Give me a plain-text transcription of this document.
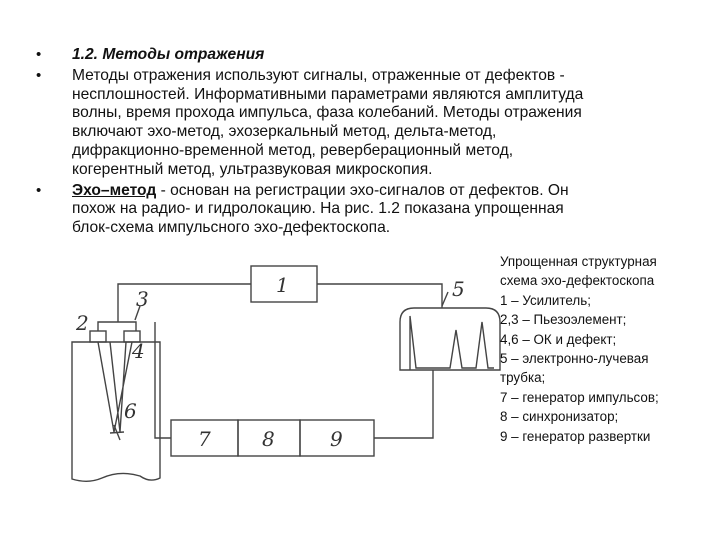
• 1.2. Методы отражения
• Методы отражения используют сигналы, отраженные от дефектов -
несплошностей. Информативными параметрами являются амплитуда
волны, время прохода импульса, фаза колебаний. Методы отражения
включают эхо-метод, эхозеркальный метод, дельта-метод,
дифракционно-временной метод, реверберационный метод,
когерентный метод, ультразвуковая микроскопия.
• Эхо–метод - основан на регистрации эхо-сигналов от дефектов. Он
похож на радио- и гидролокацию. На рис. 1.2 показана упрощенная
блок-схема импульсного эхо-дефектоскопа.
1
2
3
4
5
6
7	8	9
Упрощенная структурная
схема эхо-дефектоскопа
1 – Усилитель;
2,3 – Пьезоэлемент;
4,6 – ОК и дефект;
5 – электронно-лучевая
трубка;
7 – генератор импульсов;
8 – синхронизатор;
9 – генератор развертки
